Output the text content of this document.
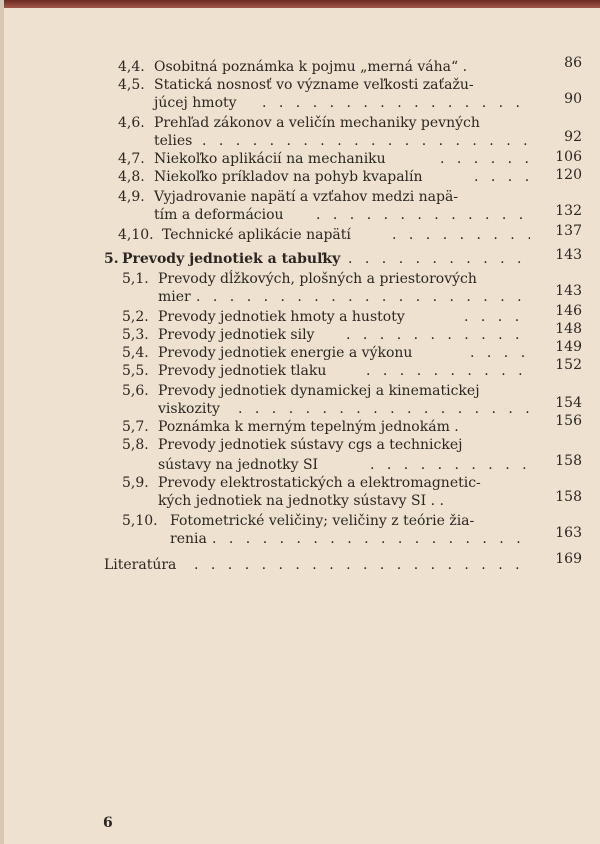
4,4. Osobitná poznámka k pojmu „merná váha“ .	86
4,5. Statická nosnosť vo význame veľkosti zaťažu-
júcej hmoty . . .	90
4,6. Prehľad zákonov a veličín mechaniky pevných
telies . . .	92
4,7. Niekoľko aplikácií na mechaniku . . .	106
4,8. Niekoľko príkladov na pohyb kvapalín . . .	120
4,9. Vyjadrovanie napätí a vzťahov medzi napä-
tím a deformáciou . . .	132
4,10. Technické aplikácie napätí . . .	137
5. Prevody jednotiek a tabuľky . . .	143
5,1. Prevody dĺžkových, plošných a priestorových
mier . . .	143
5,2. Prevody jednotiek hmoty a hustoty . . .	146
5,3. Prevody jednotiek sily . . .	148
5,4. Prevody jednotiek energie a výkonu . . .	149
5,5. Prevody jednotiek tlaku . . .	152
5,6. Prevody jednotiek dynamickej a kinematickej
viskozity . . .	154
5,7. Poznámka k merným tepelným jednokám .	156
5,8. Prevody jednotiek sústavy cgs a technickej
sústavy na jednotky SI . . .	158
5,9. Prevody elektrostatických a elektromagnetic-
kých jednotiek na jednotky sústavy SI . .	158
5,10. Fotometrické veličiny; veličiny z teórie žia-
renia . . .	163
Literatúra . . .	169
6
